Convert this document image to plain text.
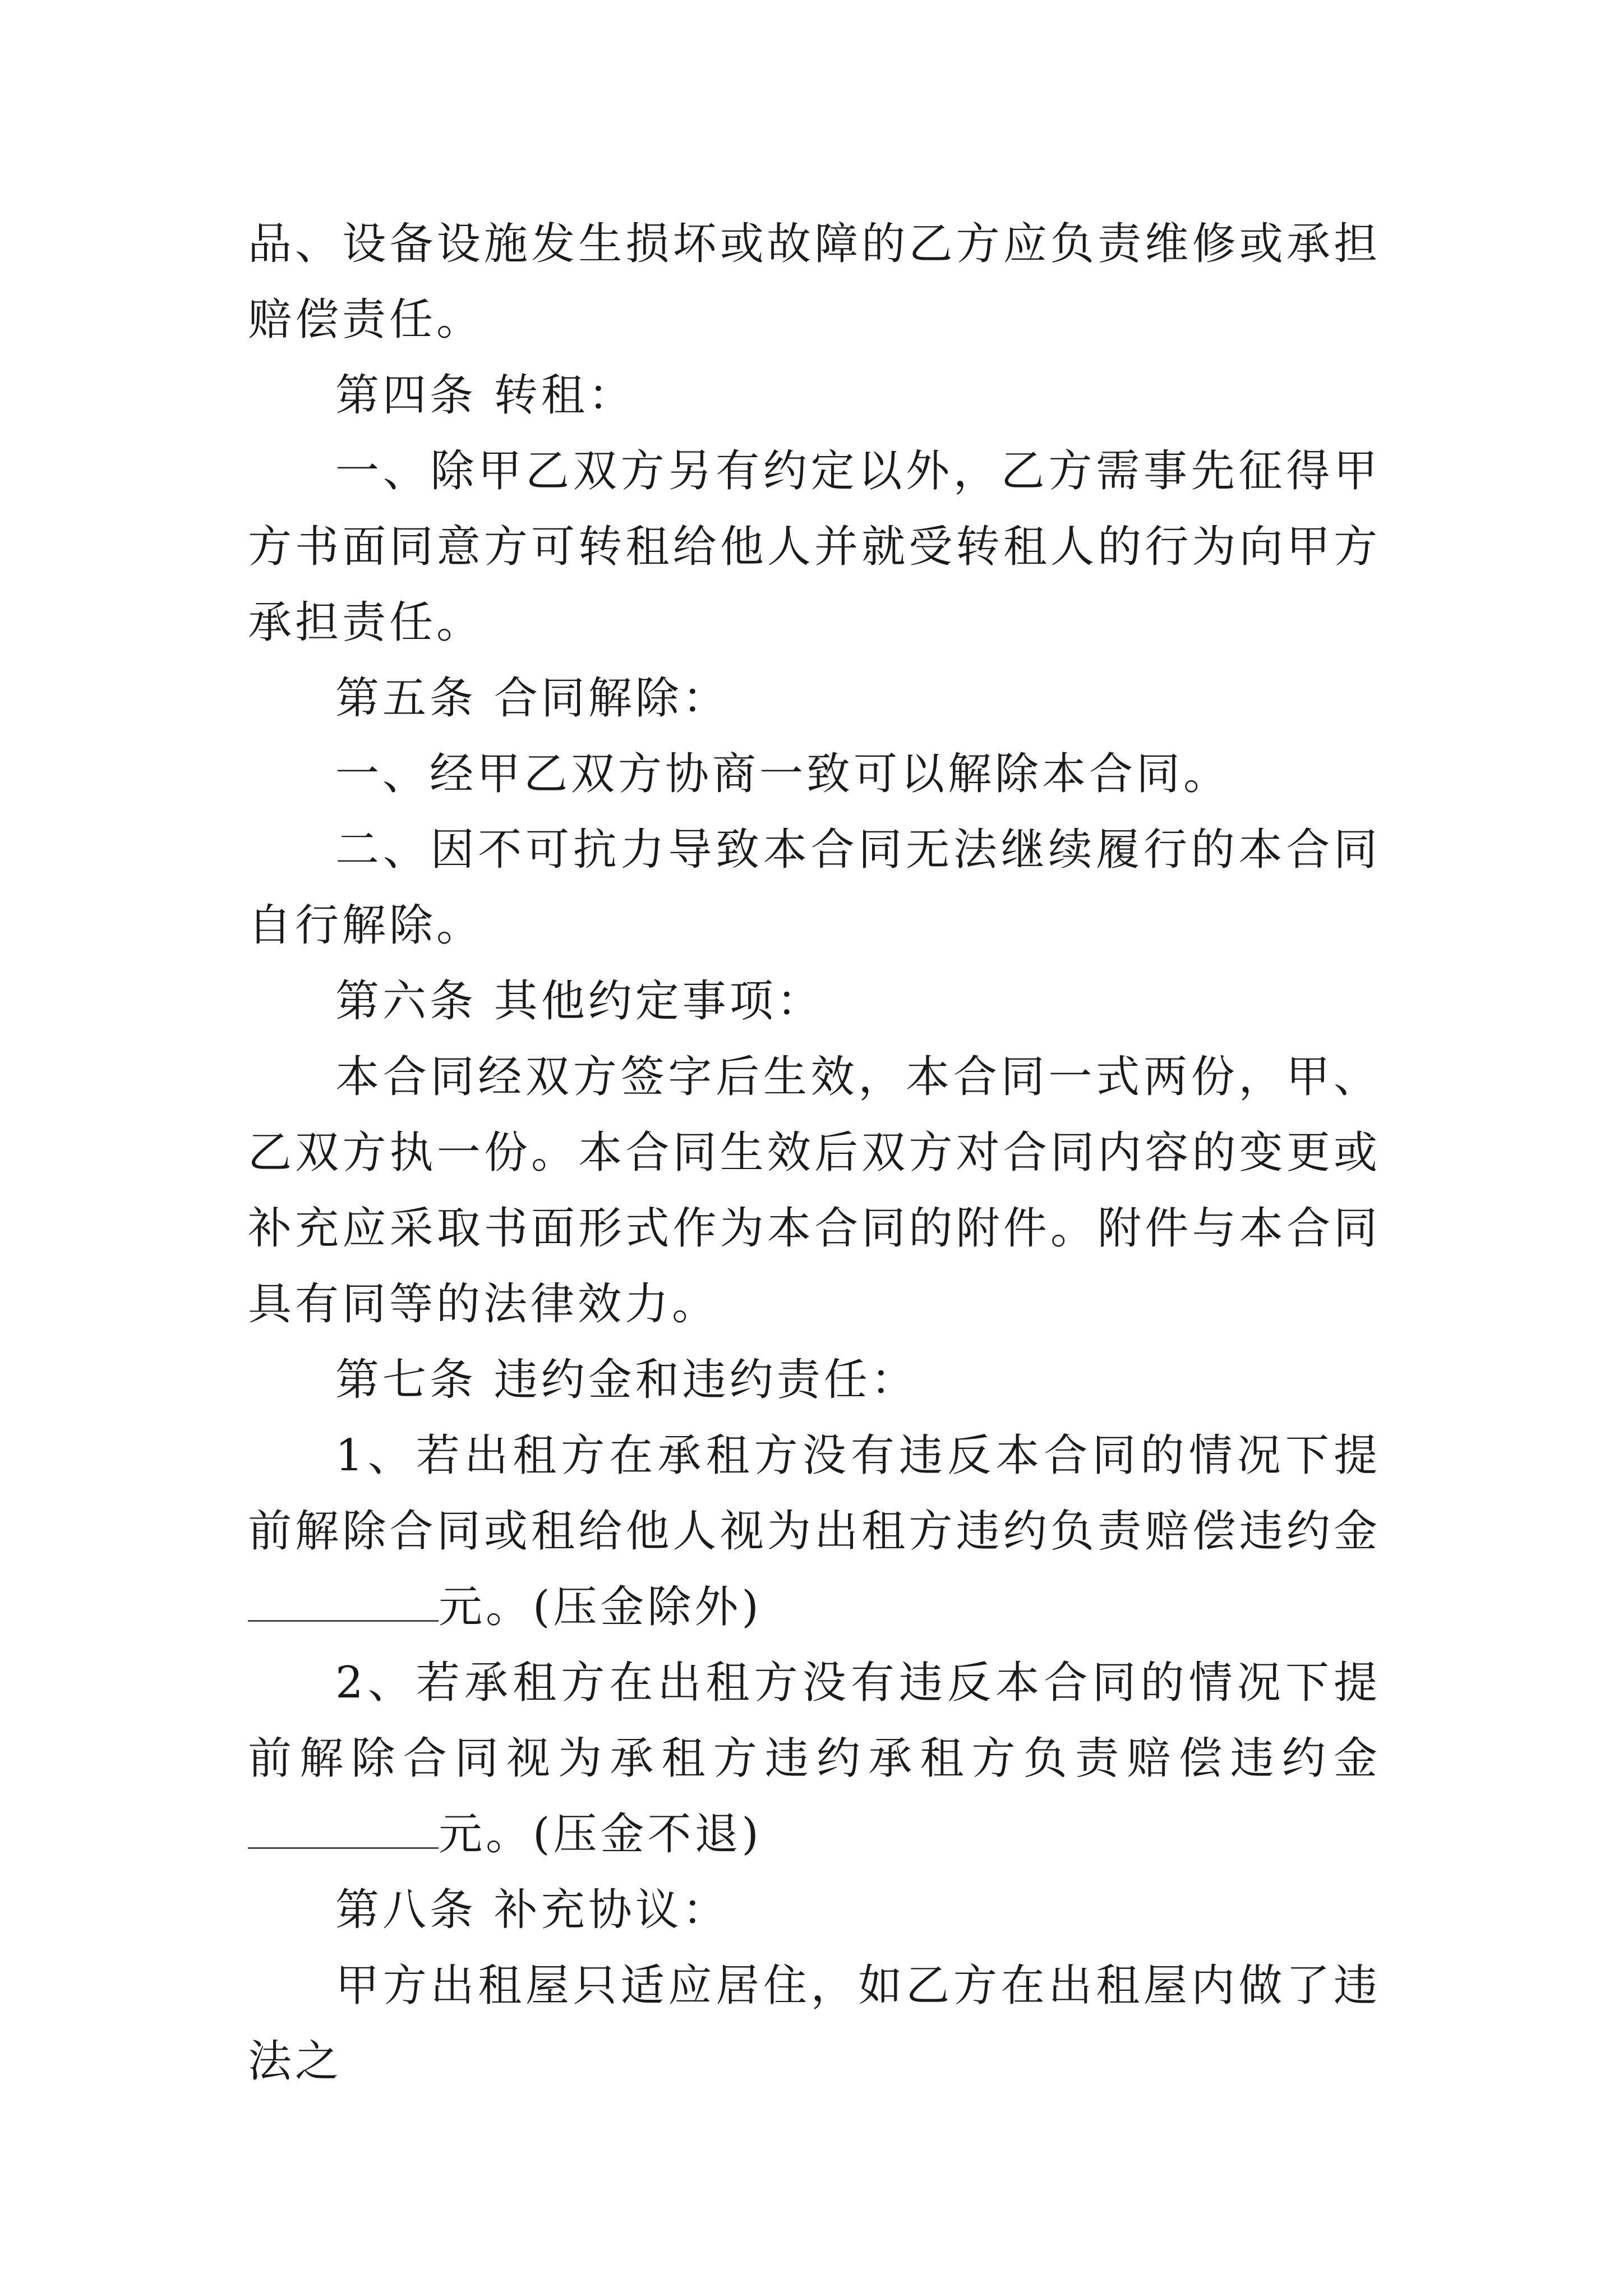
品、设备设施发生损坏或故障的乙方应负责维修或承担赔偿责任。

第四条 转租：

一、除甲乙双方另有约定以外，乙方需事先征得甲方书面同意方可转租给他人并就受转租人的行为向甲方承担责任。

第五条 合同解除：

一、经甲乙双方协商一致可以解除本合同。

二、因不可抗力导致本合同无法继续履行的本合同自行解除。

第六条 其他约定事项：

本合同经双方签字后生效，本合同一式两份，甲、乙双方执一份。本合同生效后双方对合同内容的变更或补充应采取书面形式作为本合同的附件。附件与本合同具有同等的法律效力。

第七条 违约金和违约责任：

1、若出租方在承租方没有违反本合同的情况下提前解除合同或租给他人视为出租方违约负责赔偿违约金元。(压金除外)

2、若承租方在出租方没有违反本合同的情况下提前解除合同视为承租方违约承租方负责赔偿违约金元。(压金不退)

第八条 补充协议：

甲方出租屋只适应居住，如乙方在出租屋内做了违法之
